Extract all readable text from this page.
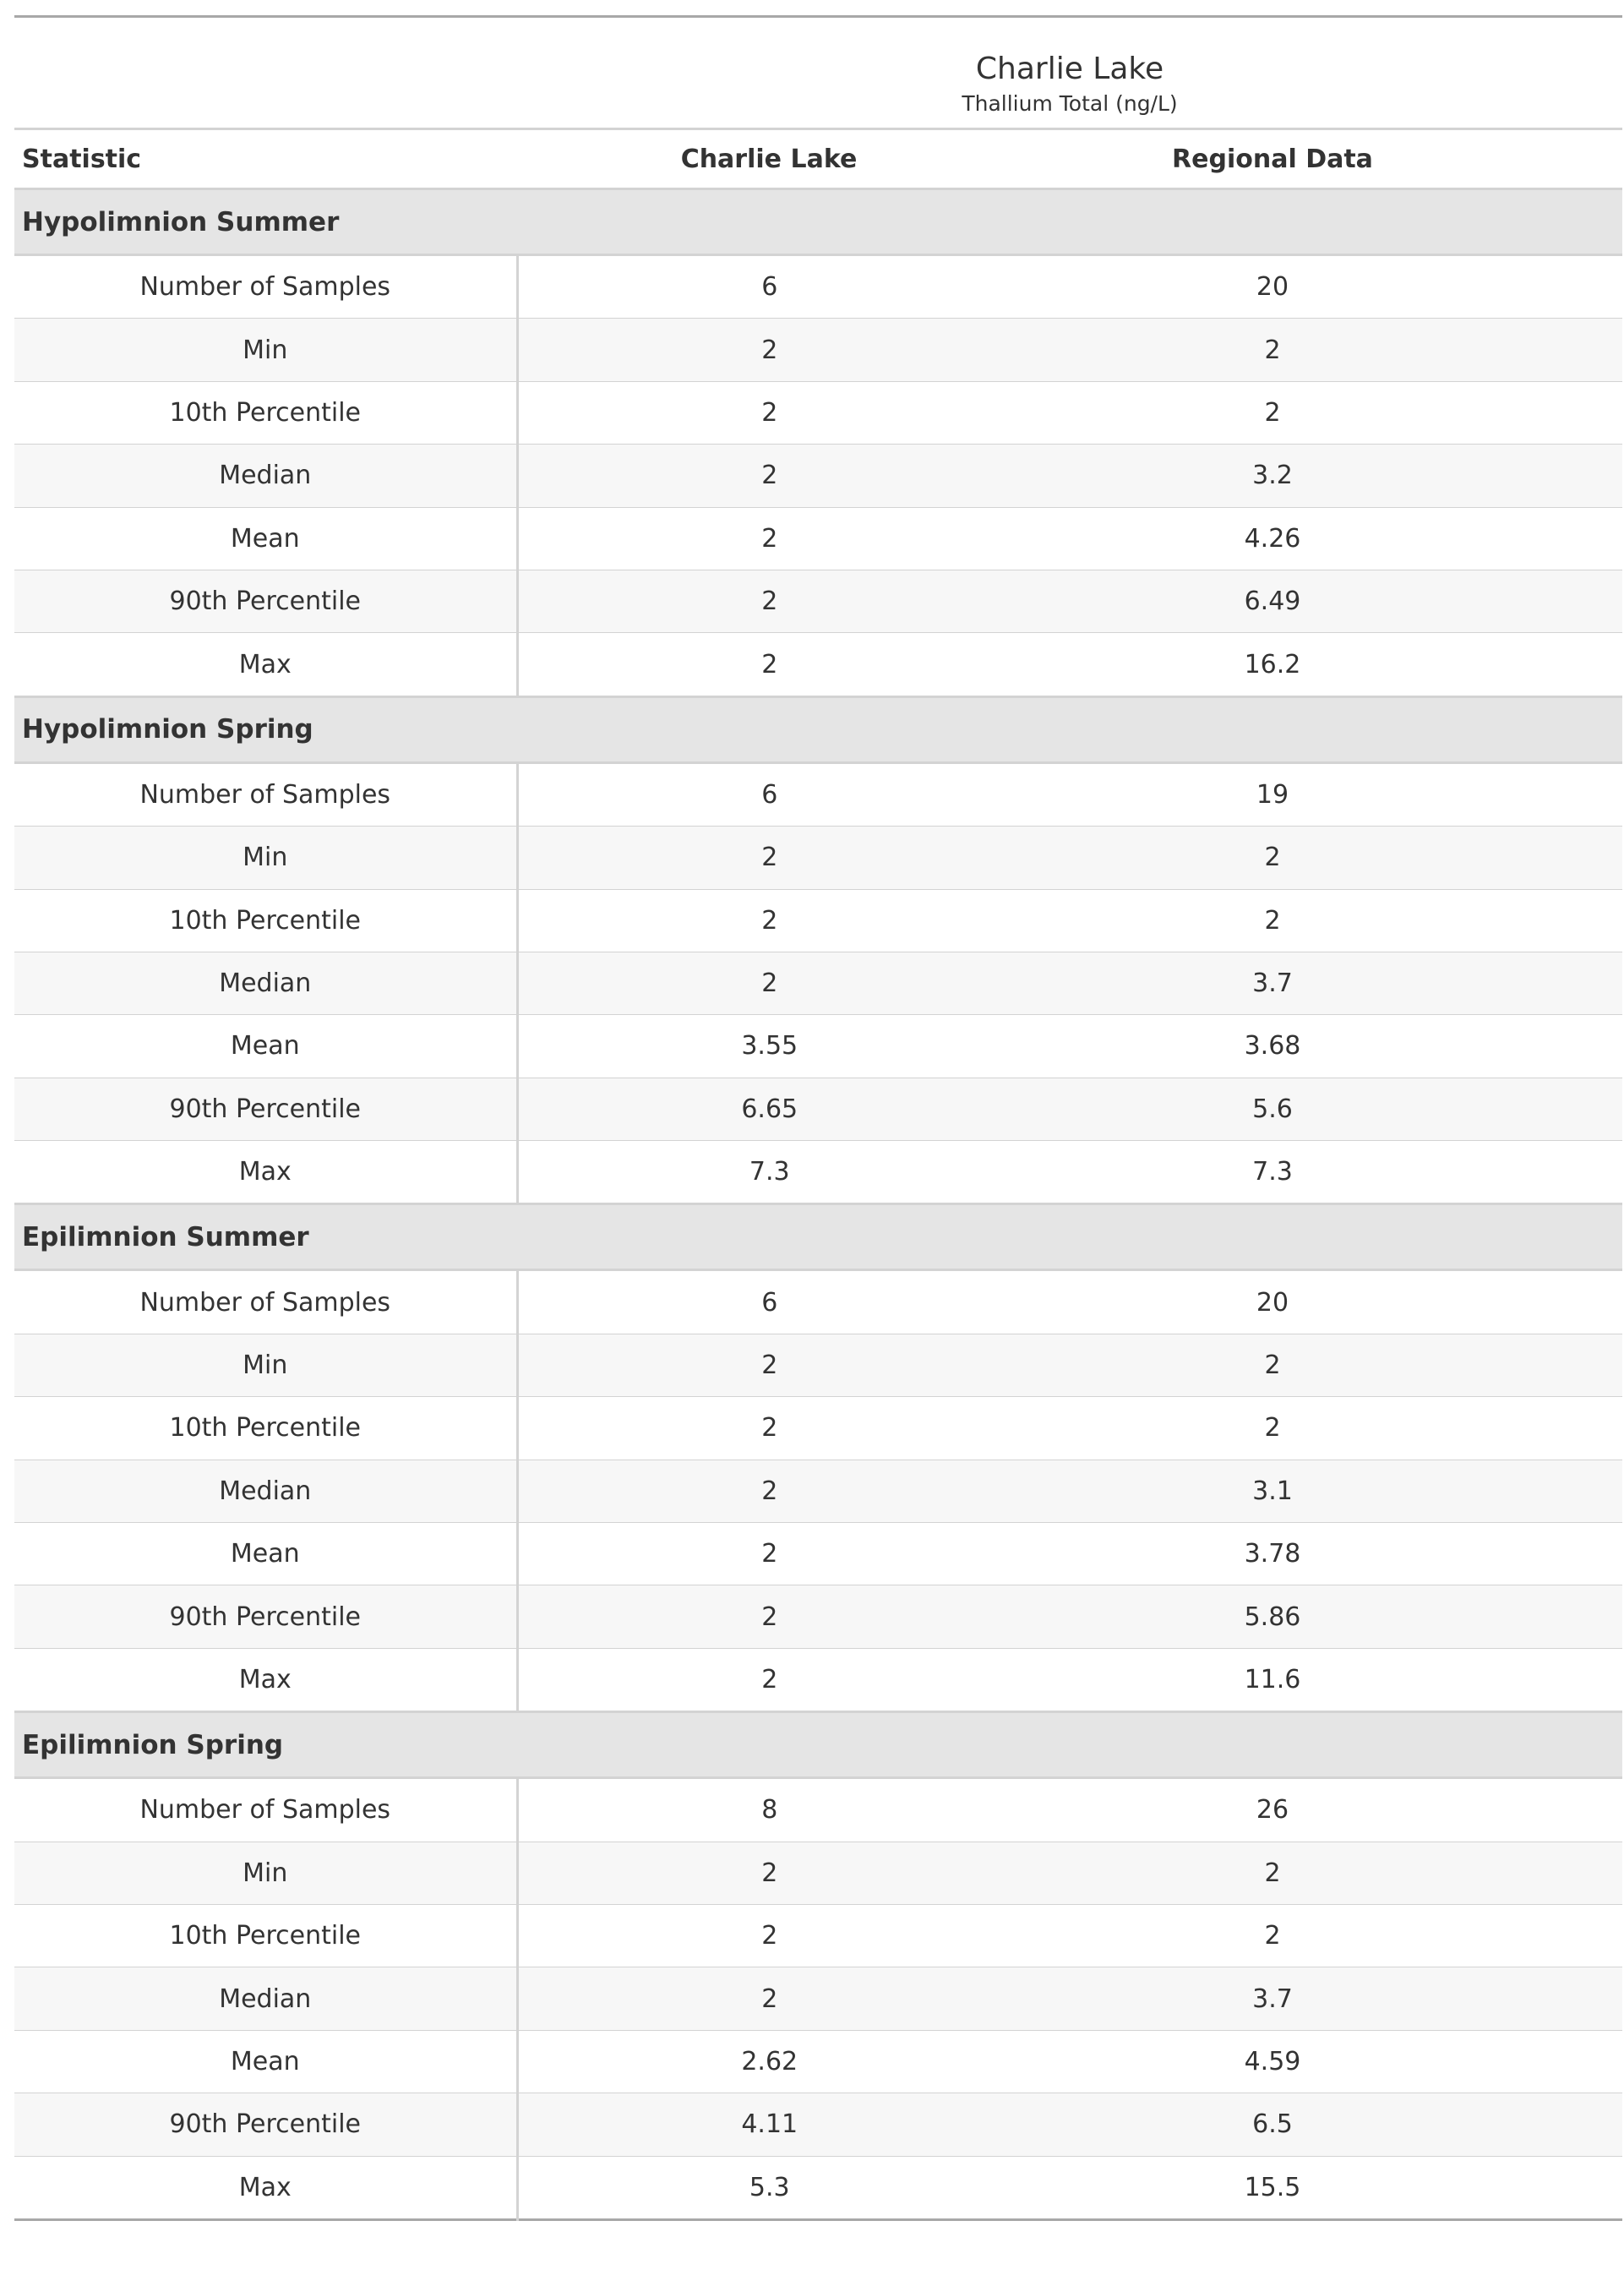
	Charlie Lake		
	Thallium Total (ng/L)		
Statistic	Charlie Lake	Regional Data	
Hypolimnion Summer			
Number of Samples	6	20	
Min	2	2	
10th Percentile	2	2	
Median	2	3.2	
Mean	2	4.26	
90th Percentile	2	6.49	
Max	2	16.2	
Hypolimnion Spring			
Number of Samples	6	19	
Min	2	2	
10th Percentile	2	2	
Median	2	3.7	
Mean	3.55	3.68	
90th Percentile	6.65	5.6	
Max	7.3	7.3	
Epilimnion Summer			
Number of Samples	6	20	
Min	2	2	
10th Percentile	2	2	
Median	2	3.1	
Mean	2	3.78	
90th Percentile	2	5.86	
Max	2	11.6	
Epilimnion Spring			
Number of Samples	8	26	
Min	2	2	
10th Percentile	2	2	
Median	2	3.7	
Mean	2.62	4.59	
90th Percentile	4.11	6.5	
Max	5.3	15.5	
